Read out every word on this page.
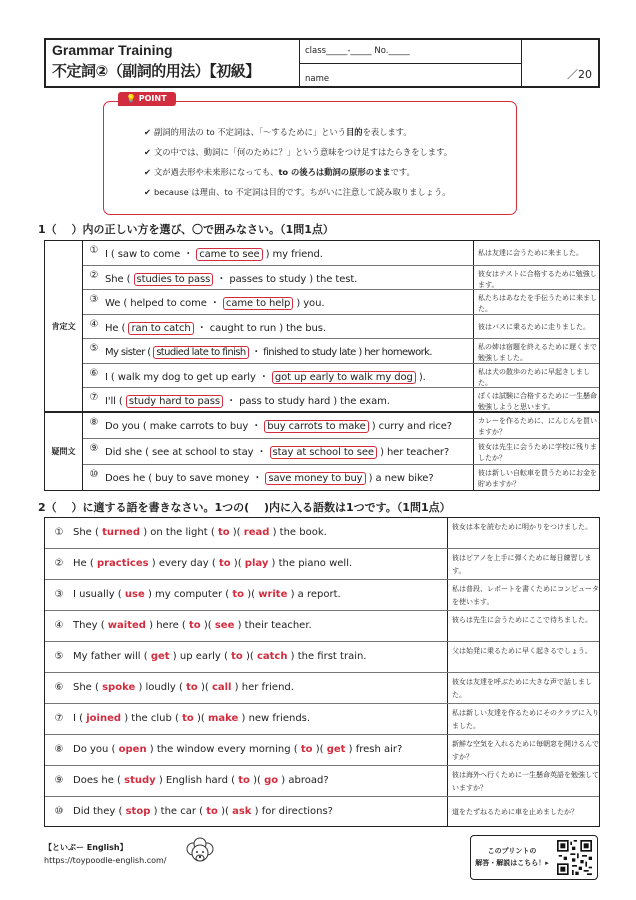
Grammar Training
不定詞②（副詞的用法）【初級】
class_____-_____ No._____
name	／20
✔ 副詞的用法の to 不定詞は、「～するために」という目的を表します。
✔ 文の中では、動詞に「何のために？」という意味をつけ足すはたらきをします。
✔ 文が過去形や未来形になっても、to の後ろは動詞の原形のままです。
✔ because は理由、to 不定詞は目的です。ちがいに注意して読み取りましょう。
💡 POINT
1（　 ）内の正しい方を選び、〇で囲みなさい。（1問1点）
肯定文
疑問文
① I ( saw to come ・ came to see ) my friend.	私は友達に会うために来ました。
② She ( studies to pass ・ passes to study ) the test.	彼女はテストに合格するために勉強します。
③ We ( helped to come ・ came to help ) you.	私たちはあなたを手伝うために来ました。
④ He ( ran to catch ・ caught to run ) the bus.	彼はバスに乗るために走りました。
⑤ My sister ( studied late to finish ・ finished to study late ) her homework.	私の姉は宿題を終えるために遅くまで勉強しました。
⑥ I ( walk my dog to get up early ・ got up early to walk my dog ).	私は犬の散歩のために早起きしました。
⑦ I'll ( study hard to pass ・ pass to study hard ) the exam.	ぼくは試験に合格するために一生懸命勉強しようと思います。
⑧ Do you ( make carrots to buy ・ buy carrots to make ) curry and rice?	カレーを作るために、にんじんを買いますか？
⑨ Did she ( see at school to stay ・ stay at school to see ) her teacher?	彼女は先生に会うために学校に残りましたか？
⑩ Does he ( buy to save money ・ save money to buy ) a new bike?	彼は新しい自転車を買うためにお金を貯めますか？
2（　 ）に適する語を書きなさい。1つの(　 )内に入る語数は1つです。（1問1点）
① She ( turned ) on the light ( to )( read ) the book.	彼女は本を読むために明かりをつけました。
② He ( practices ) every day ( to )( play ) the piano well.	彼はピアノを上手に弾くために毎日練習します。
③ I usually ( use ) my computer ( to )( write ) a report.	私は普段、レポートを書くためにコンピュータを使います。
④ They ( waited ) here ( to )( see ) their teacher.	彼らは先生に会うためにここで待ちました。
⑤ My father will ( get ) up early ( to )( catch ) the first train.	父は始発に乗るために早く起きるでしょう。
⑥ She ( spoke ) loudly ( to )( call ) her friend.	彼女は友達を呼ぶために大きな声で話しました。
⑦ I ( joined ) the club ( to )( make ) new friends.	私は新しい友達を作るためにそのクラブに入りました。
⑧ Do you ( open ) the window every morning ( to )( get ) fresh air?	新鮮な空気を入れるために毎朝窓を開けるんですか？
⑨ Does he ( study ) English hard ( to )( go ) abroad?	彼は海外へ行くために一生懸命英語を勉強していますか？
⑩ Did they ( stop ) the car ( to )( ask ) for directions?	道をたずねるために車を止めましたか？
【といぷー English】
https://toypoodle-english.com/
このプリントの
解答・解説はこちら！▸
